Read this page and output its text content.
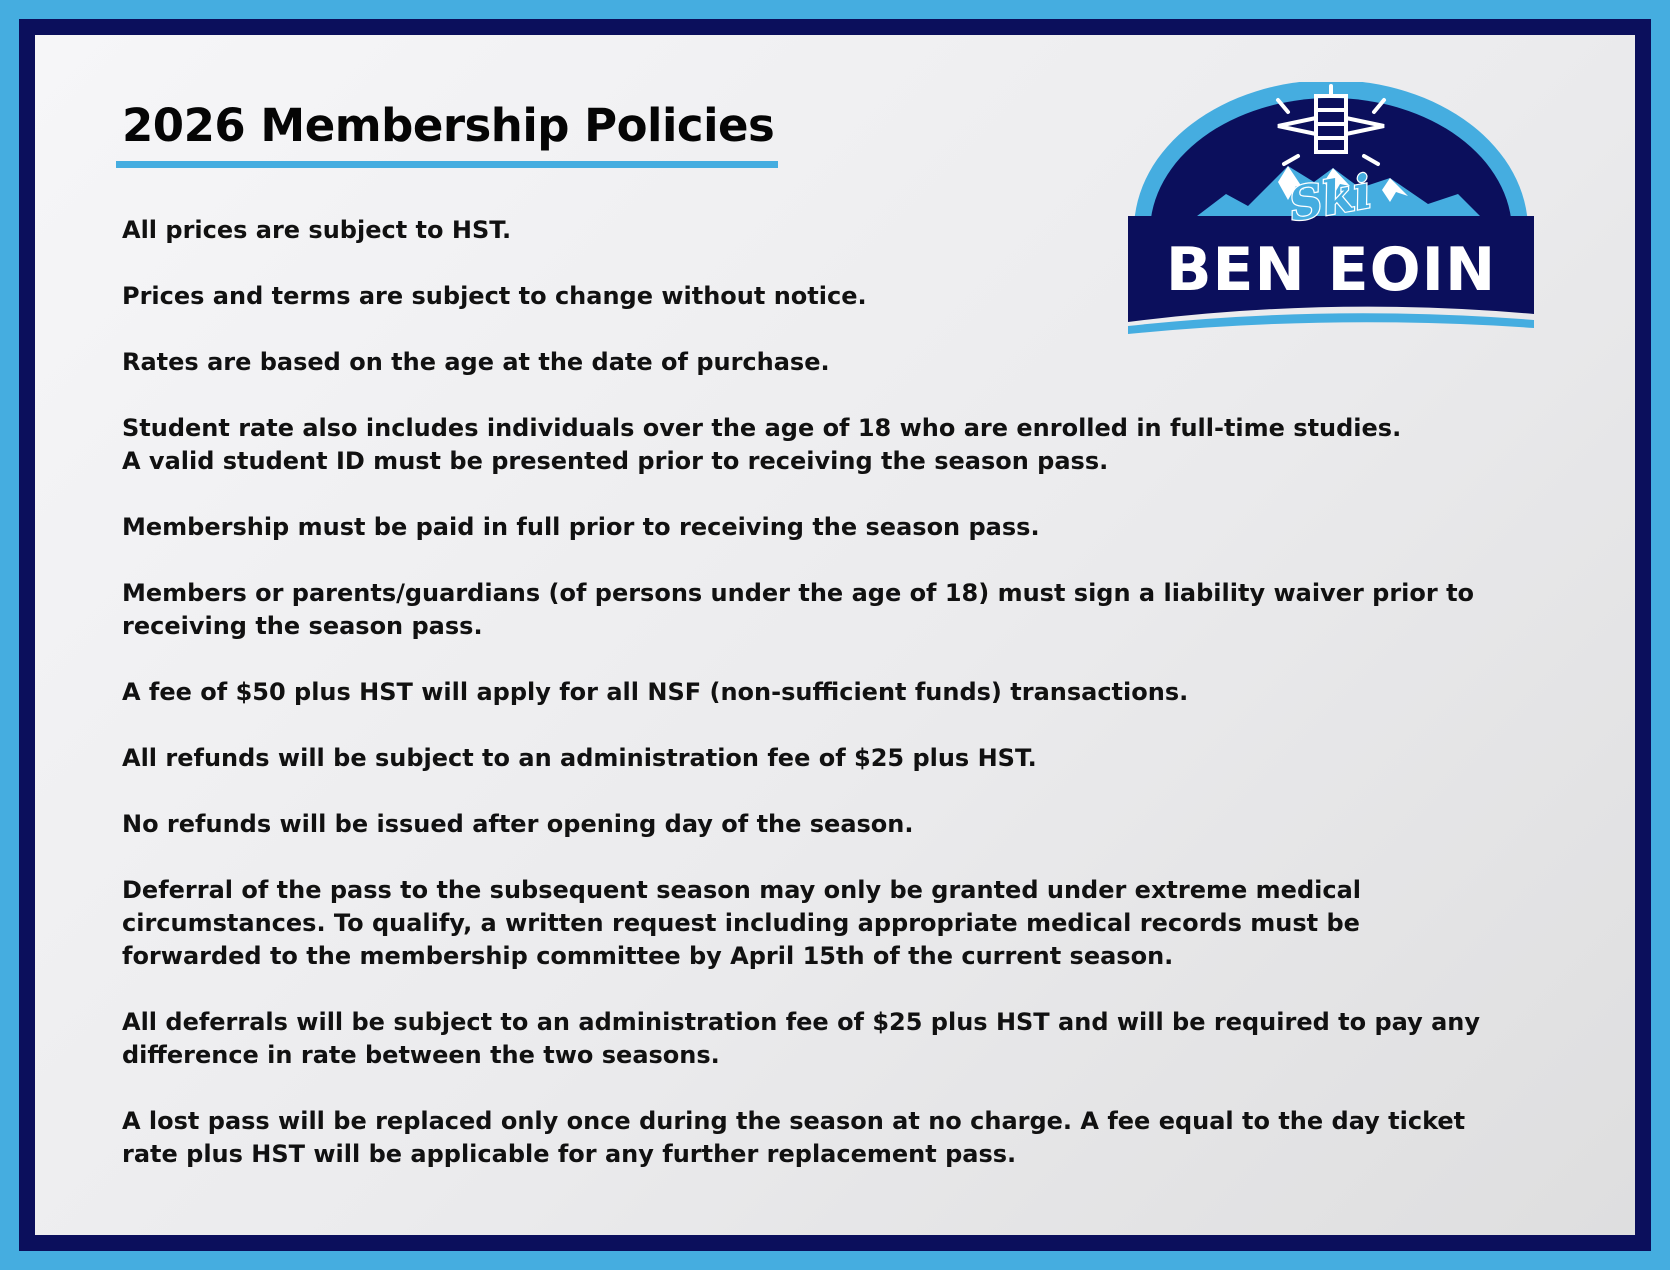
2026 Membership Policies

All prices are subject to HST.

Prices and terms are subject to change without notice.

Rates are based on the age at the date of purchase.

Student rate also includes individuals over the age of 18 who are enrolled in full-time studies.
A valid student ID must be presented prior to receiving the season pass.

Membership must be paid in full prior to receiving the season pass.

Members or parents/guardians (of persons under the age of 18) must sign a liability waiver prior to
receiving the season pass.

A fee of $50 plus HST will apply for all NSF (non-sufficient funds) transactions.

All refunds will be subject to an administration fee of $25 plus HST.

No refunds will be issued after opening day of the season.

Deferral of the pass to the subsequent season may only be granted under extreme medical
circumstances. To qualify, a written request including appropriate medical records must be
forwarded to the membership committee by April 15th of the current season.

All deferrals will be subject to an administration fee of $25 plus HST and will be required to pay any
difference in rate between the two seasons.

A lost pass will be replaced only once during the season at no charge. A fee equal to the day ticket
rate plus HST will be applicable for any further replacement pass.

Ski
BEN EOIN
